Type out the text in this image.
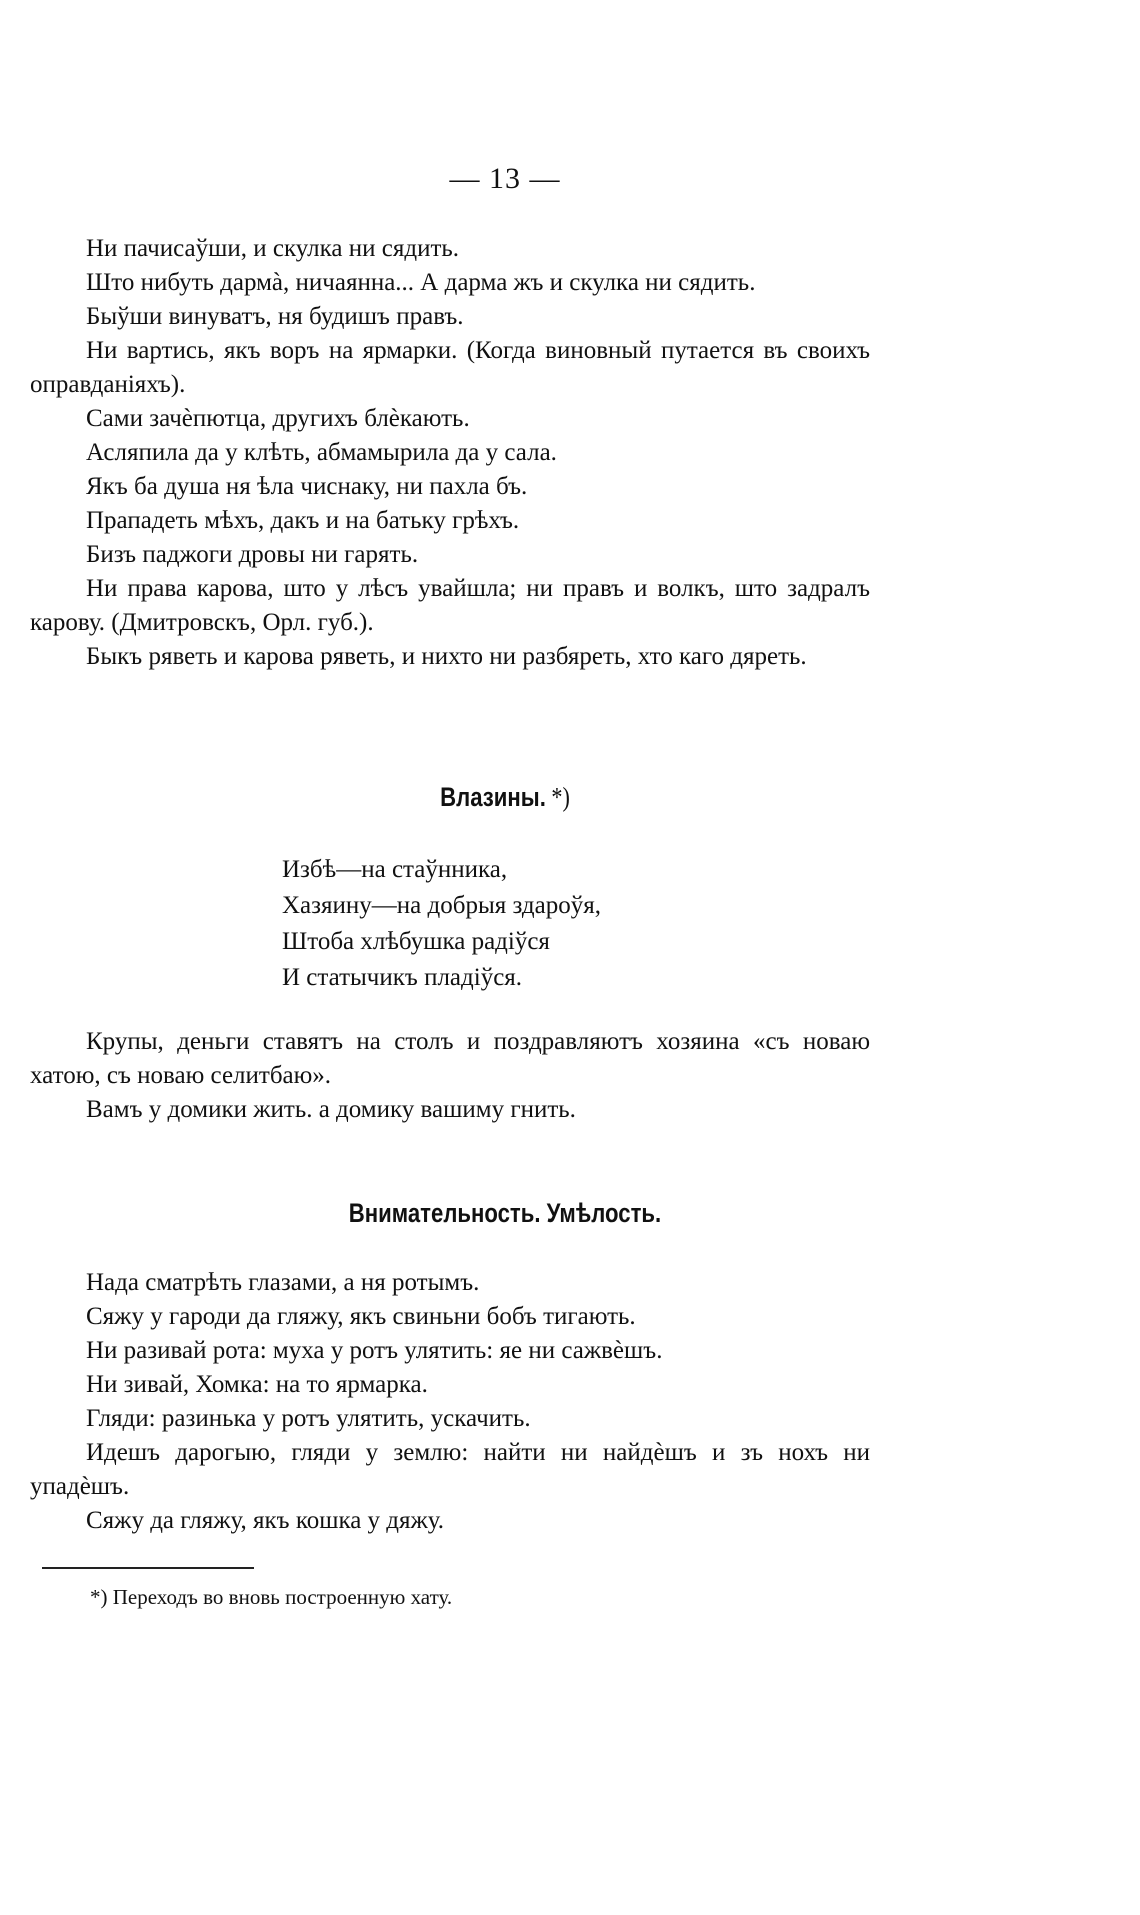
— 13 —

Ни пачисаўши, и скулка ни сядить.

Што нибуть дармà, ничаянна... А дарма жъ и скулка ни сядить.

Быўши винуватъ, ня будишъ правъ.

Ни вартись, якъ воръ на ярмарки. (Когда виновный путается въ своихъ оправданіяхъ).

Сами зачѐпютца, другихъ блѐкають.

Асляпила да у клѣть, абмамырила да у сала.

Якъ ба душа ня ѣла чиснаку, ни пахла бъ.

Прападеть мѣхъ, дакъ и на батьку грѣхъ.

Бизъ паджоги дровы ни гарять.

Ни права карова, што у лѣсъ увайшла; ни правъ и волкъ, што задралъ карову. (Дмитровскъ, Орл. губ.).

Быкъ ряветь и карова ряветь, и нихто ни разбяреть, хто каго дяреть.

Влазины. *)

Избѣ—на стаўнника,

Хазяину—на добрыя здароўя,

Штоба хлѣбушка радіўся

И статычикъ пладіўся.

Крупы, деньги ставятъ на столъ и поздравляютъ хозяина «съ новаю хатою, съ новаю селитбаю».

Вамъ у домики жить. а домику вашиму гнить.

Внимательность. Умѣлость.

Нада сматрѣть глазами, а ня ротымъ.

Сяжу у гароди да гляжу, якъ свиньни бобъ тигають.

Ни разивай рота: муха у ротъ улятить: яе ни сажвѐшъ.

Ни зивай, Хомка: на то ярмарка.

Гляди: разинька у ротъ улятить, ускачить.

Идешъ дарогыю, гляди у землю: найти ни найдѐшъ и зъ нохъ ни упадѐшъ.

Сяжу да гляжу, якъ кошка у дяжу.

*) Переходъ во вновь построенную хату.
